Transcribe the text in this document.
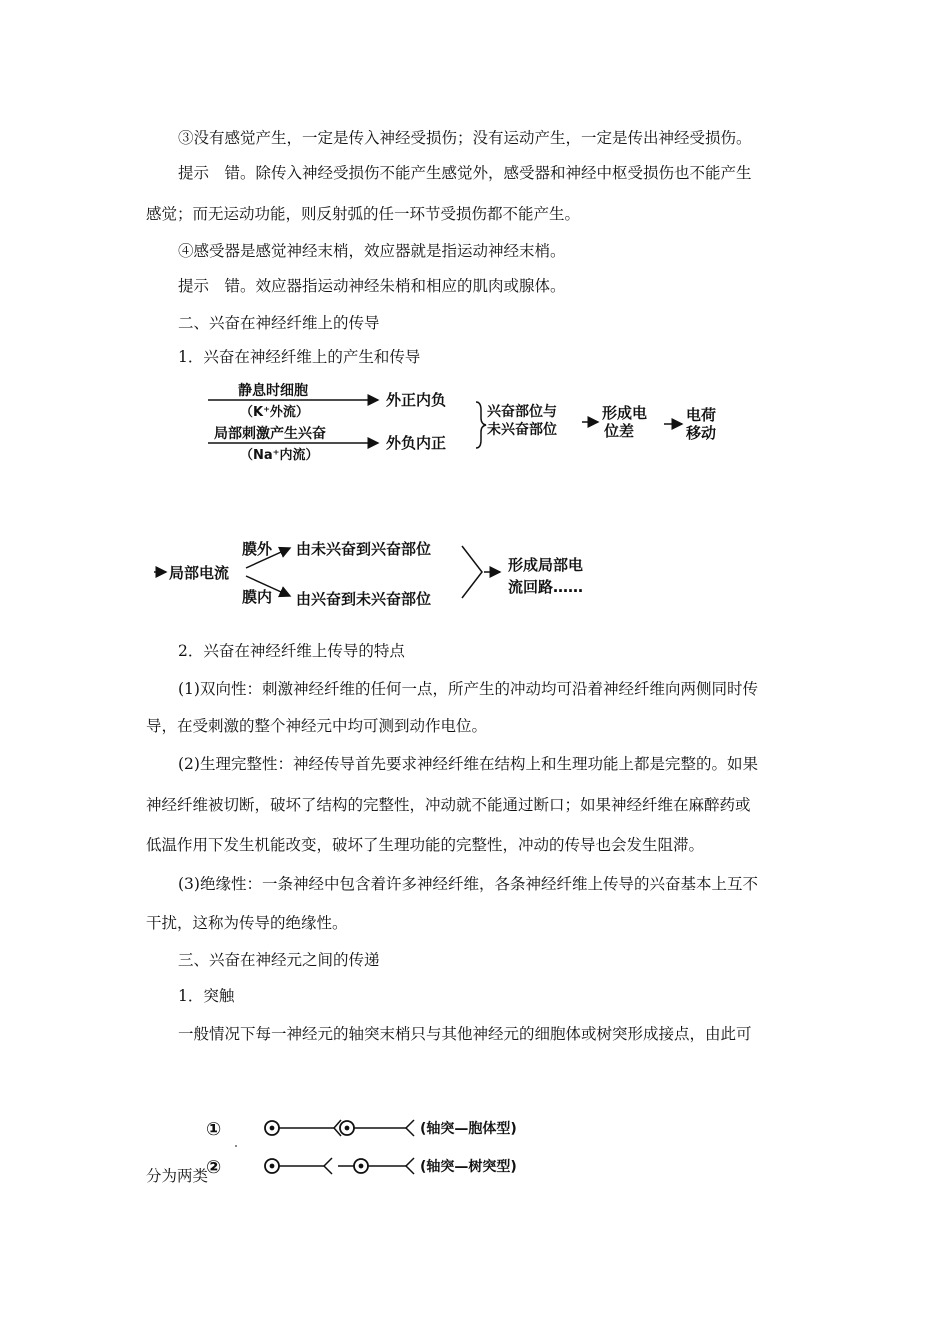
③没有感觉产生，一定是传入神经受损伤；没有运动产生，一定是传出神经受损伤。
提示　错。除传入神经受损伤不能产生感觉外，感受器和神经中枢受损伤也不能产生
感觉；而无运动功能，则反射弧的任一环节受损伤都不能产生。
④感受器是感觉神经末梢，效应器就是指运动神经末梢。
提示　错。效应器指运动神经朱梢和相应的肌肉或腺体。
二、兴奋在神经纤维上的传导
1．兴奋在神经纤维上的产生和传导
静息时细胞
（K⁺外流）
外正内负
局部刺激产生兴奋
（Na⁺内流）
外负内正
兴奋部位与
未兴奋部位
形成电
位差
电荷
移动
局部电流
膜外
膜内
由未兴奋到兴奋部位
由兴奋到未兴奋部位
形成局部电
流回路……
2．兴奋在神经纤维上传导的特点
(1)双向性：刺激神经纤维的任何一点，所产生的冲动均可沿着神经纤维向两侧同时传
导，在受刺激的整个神经元中均可测到动作电位。
(2)生理完整性：神经传导首先要求神经纤维在结构上和生理功能上都是完整的。如果
神经纤维被切断，破坏了结构的完整性，冲动就不能通过断口；如果神经纤维在麻醉药或
低温作用下发生机能改变，破坏了生理功能的完整性，冲动的传导也会发生阻滞。
(3)绝缘性：一条神经中包含着许多神经纤维，各条神经纤维上传导的兴奋基本上互不
干扰，这称为传导的绝缘性。
三、兴奋在神经元之间的传递
1．突触
一般情况下每一神经元的轴突末梢只与其他神经元的细胞体或树突形成接点，由此可
①
②
(轴突—胞体型)
(轴突—树突型)
分为两类
